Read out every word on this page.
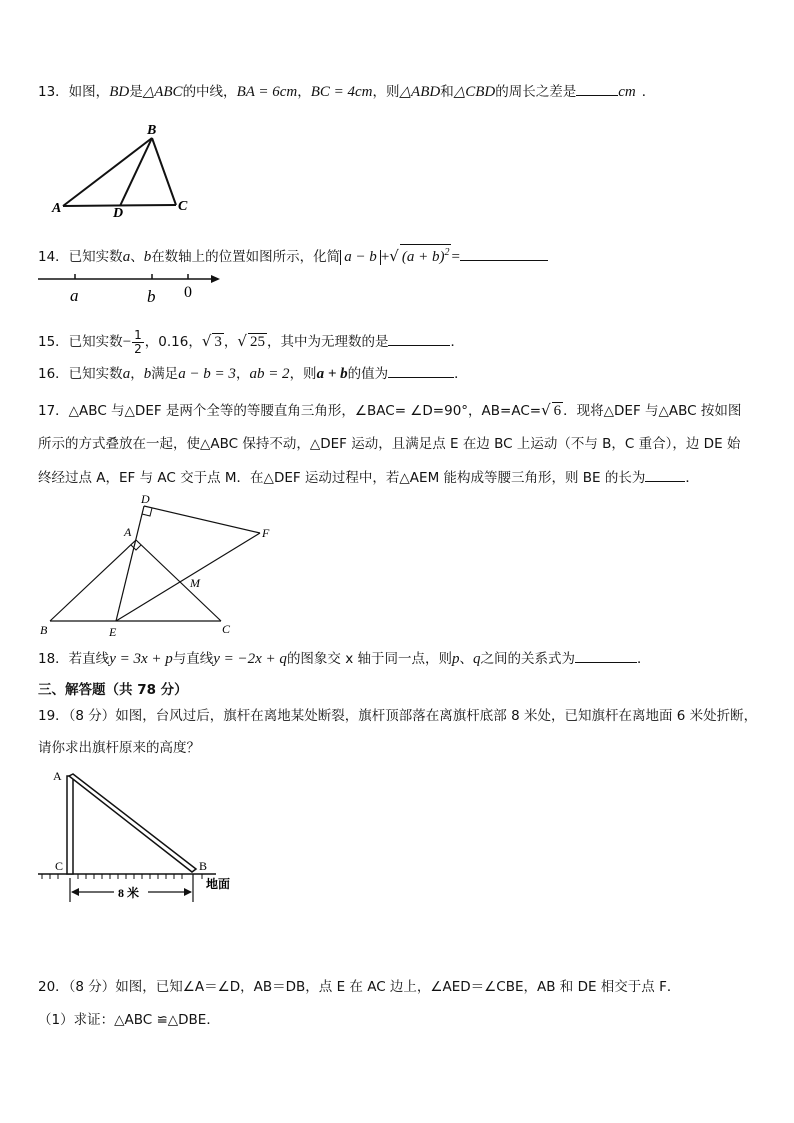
13．如图，BD是△ABC的中线，BA = 6cm，BC = 4cm，则△ABD和△CBD的周长之差是	cm ．
B
A	D	C
14．已知实数a、b在数轴上的位置如图所示，化简 a − b +√ $(a + b)^2$ =
a	b 0
15．已知实数− $\frac{1}{2}$ ，0.16，√ 3 ，√ 25 ，其中为无理数的是	．
16．已知实数a，b满足a − b = 3，ab = 2，则a + b的值为	．
17．△ABC 与△DEF 是两个全等的等腰直角三角形，∠BAC= ∠D=90°，AB=AC=√ 6 ．现将△DEF 与△ABC 按如图
所示的方式叠放在一起，使△ABC 保持不动，△DEF 运动，且满足点 E 在边 BC 上运动（不与 B，C 重合），边 DE 始
终经过点 A，EF 与 AC 交于点 M．在△DEF 运动过程中，若△AEM 能构成等腰三角形，则 BE 的长为	．
D
A	F
M
B	E	C
18．若直线y = 3x + p与直线y = −2x + q的图象交 x 轴于同一点，则p、q之间的关系式为	．
三、解答题（共 78 分）
19．（8 分）如图，台风过后，旗杆在离地某处断裂，旗杆顶部落在离旗杆底部 8 米处，已知旗杆在离地面 6 米处折断，
请你求出旗杆原来的高度？
8 米
A
C	B
地面
20．（8 分）如图，已知∠A＝∠D，AB＝DB，点 E 在 AC 边上，∠AED＝∠CBE，AB 和 DE 相交于点 F．
（1）求证：△ABC ≌△DBE．
